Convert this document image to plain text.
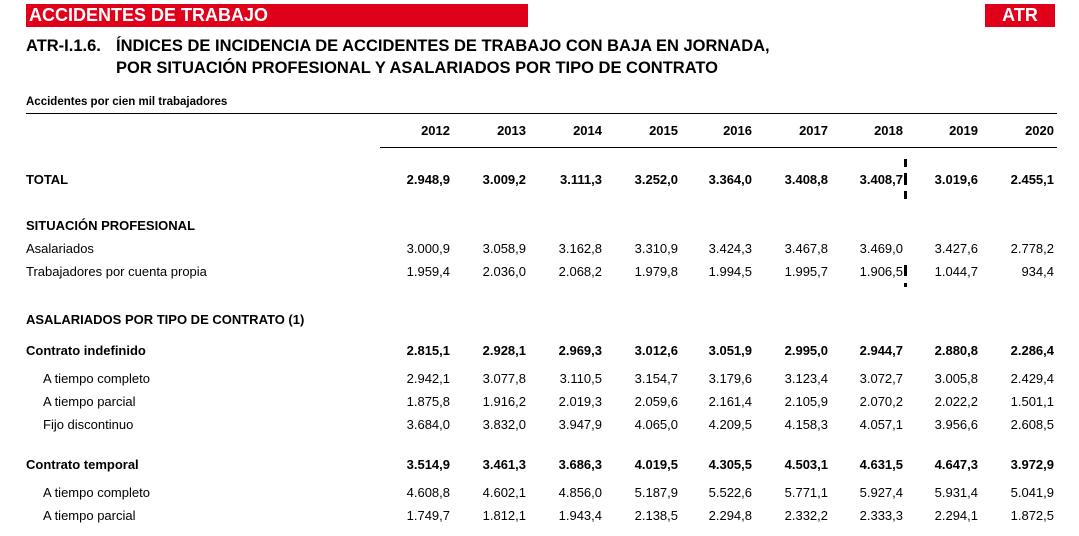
ACCIDENTES DE TRABAJO	ATR
ATR-I.1.6. ÍNDICES DE INCIDENCIA DE ACCIDENTES DE TRABAJO CON BAJA EN JORNADA,
POR SITUACIÓN PROFESIONAL Y ASALARIADOS POR TIPO DE CONTRATO
Accidentes por cien mil trabajadores
2012	2013	2014	2015	2016	2017	2018	2019	2020
TOTAL	2.948,9	3.009,2	3.111,3	3.252,0	3.364,0	3.408,8	3.408,7	3.019,6	2.455,1
SITUACIÓN PROFESIONAL
Asalariados	3.000,9	3.058,9	3.162,8	3.310,9	3.424,3	3.467,8	3.469,0	3.427,6	2.778,2
Trabajadores por cuenta propia	1.959,4	2.036,0	2.068,2	1.979,8	1.994,5	1.995,7	1.906,5	1.044,7	934,4
ASALARIADOS POR TIPO DE CONTRATO (1)
Contrato indefinido	2.815,1	2.928,1	2.969,3	3.012,6	3.051,9	2.995,0	2.944,7	2.880,8	2.286,4
A tiempo completo	2.942,1	3.077,8	3.110,5	3.154,7	3.179,6	3.123,4	3.072,7	3.005,8	2.429,4
A tiempo parcial	1.875,8	1.916,2	2.019,3	2.059,6	2.161,4	2.105,9	2.070,2	2.022,2	1.501,1
Fijo discontinuo	3.684,0	3.832,0	3.947,9	4.065,0	4.209,5	4.158,3	4.057,1	3.956,6	2.608,5
Contrato temporal	3.514,9	3.461,3	3.686,3	4.019,5	4.305,5	4.503,1	4.631,5	4.647,3	3.972,9
A tiempo completo	4.608,8	4.602,1	4.856,0	5.187,9	5.522,6	5.771,1	5.927,4	5.931,4	5.041,9
A tiempo parcial	1.749,7	1.812,1	1.943,4	2.138,5	2.294,8	2.332,2	2.333,3	2.294,1	1.872,5
